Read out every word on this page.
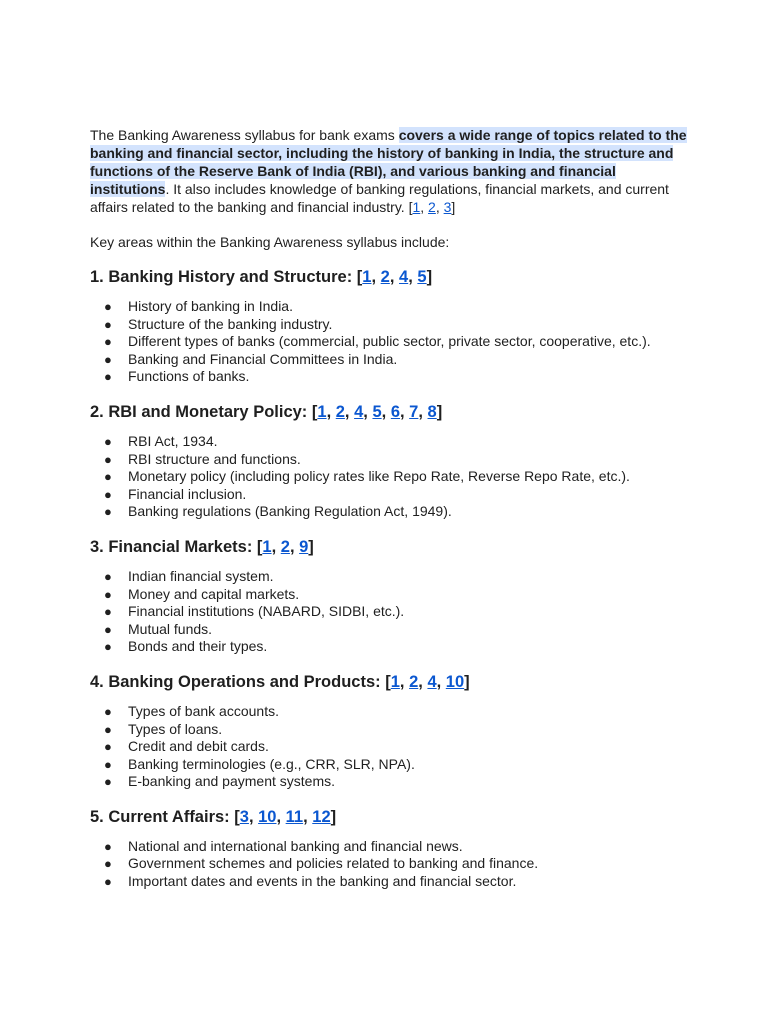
The Banking Awareness syllabus for bank exams covers a wide range of topics related to the banking and financial sector, including the history of banking in India, the structure and functions of the Reserve Bank of India (RBI), and various banking and financial institutions. It also includes knowledge of banking regulations, financial markets, and current affairs related to the banking and financial industry. [1, 2, 3]

Key areas within the Banking Awareness syllabus include:

1. Banking History and Structure: [1, 2, 4, 5]
● History of banking in India.
● Structure of the banking industry.
● Different types of banks (commercial, public sector, private sector, cooperative, etc.).
● Banking and Financial Committees in India.
● Functions of banks.
2. RBI and Monetary Policy: [1, 2, 4, 5, 6, 7, 8]
● RBI Act, 1934.
● RBI structure and functions.
● Monetary policy (including policy rates like Repo Rate, Reverse Repo Rate, etc.).
● Financial inclusion.
● Banking regulations (Banking Regulation Act, 1949).
3. Financial Markets: [1, 2, 9]
● Indian financial system.
● Money and capital markets.
● Financial institutions (NABARD, SIDBI, etc.).
● Mutual funds.
● Bonds and their types.
4. Banking Operations and Products: [1, 2, 4, 10]
● Types of bank accounts.
● Types of loans.
● Credit and debit cards.
● Banking terminologies (e.g., CRR, SLR, NPA).
● E-banking and payment systems.
5. Current Affairs: [3, 10, 11, 12]
● National and international banking and financial news.
● Government schemes and policies related to banking and finance.
● Important dates and events in the banking and financial sector.
